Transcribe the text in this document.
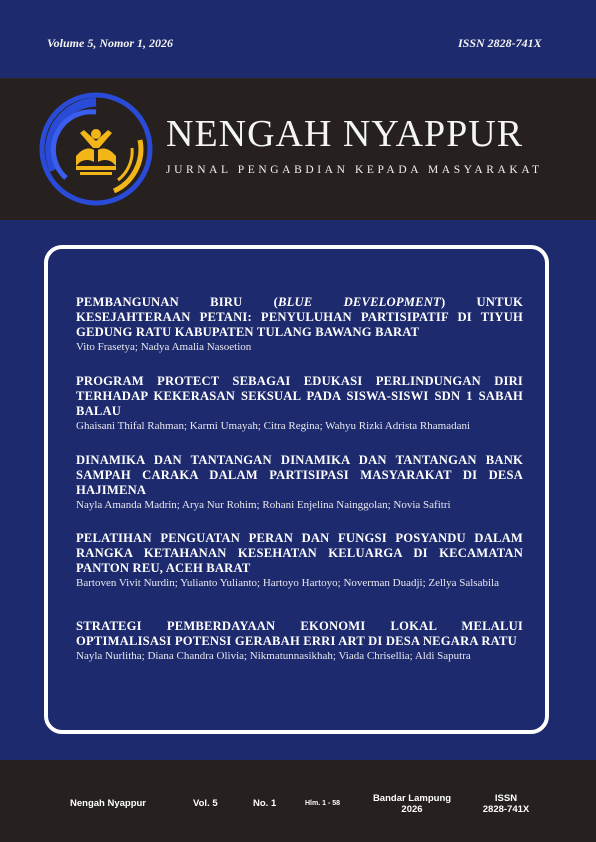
Volume 5, Nomor 1, 2026	ISSN 2828-741X
NENGAH NYAPPUR
JURNAL PENGABDIAN KEPADA MASYARAKAT
PEMBANGUNAN BIRU (BLUE DEVELOPMENT) UNTUK KESEJAHTERAAN PETANI: PENYULUHAN PARTISIPATIF DI TIYUH GEDUNG RATU KABUPATEN TULANG BAWANG BARAT
Vito Frasetya; Nadya Amalia Nasoetion
PROGRAM PROTECT SEBAGAI EDUKASI PERLINDUNGAN DIRI TERHADAP KEKERASAN SEKSUAL PADA SISWA-SISWI SDN 1 SABAH BALAU
Ghaisani Thifal Rahman; Karmi Umayah; Citra Regina; Wahyu Rizki Adrista Rhamadani
DINAMIKA DAN TANTANGAN DINAMIKA DAN TANTANGAN BANK SAMPAH CARAKA DALAM PARTISIPASI MASYARAKAT DI DESA HAJIMENA
Nayla Amanda Madrin; Arya Nur Rohim; Rohani Enjelina Nainggolan; Novia Safitri
PELATIHAN PENGUATAN PERAN DAN FUNGSI POSYANDU DALAM RANGKA KETAHANAN KESEHATAN KELUARGA DI KECAMATAN PANTON REU, ACEH BARAT
Bartoven Vivit Nurdin; Yulianto Yulianto; Hartoyo Hartoyo; Noverman Duadji; Zellya Salsabila
STRATEGI PEMBERDAYAAN EKONOMI LOKAL MELALUI OPTIMALISASI POTENSI GERABAH ERRI ART DI DESA NEGARA RATU
Nayla Nurlitha; Diana Chandra Olivia; Nikmatunnasikhah; Viada Chrisellia; Aldi Saputra
Nengah Nyappur	Vol. 5	No. 1	Hlm. 1 - 58	Bandar Lampung
2026
ISSN
2828-741X
